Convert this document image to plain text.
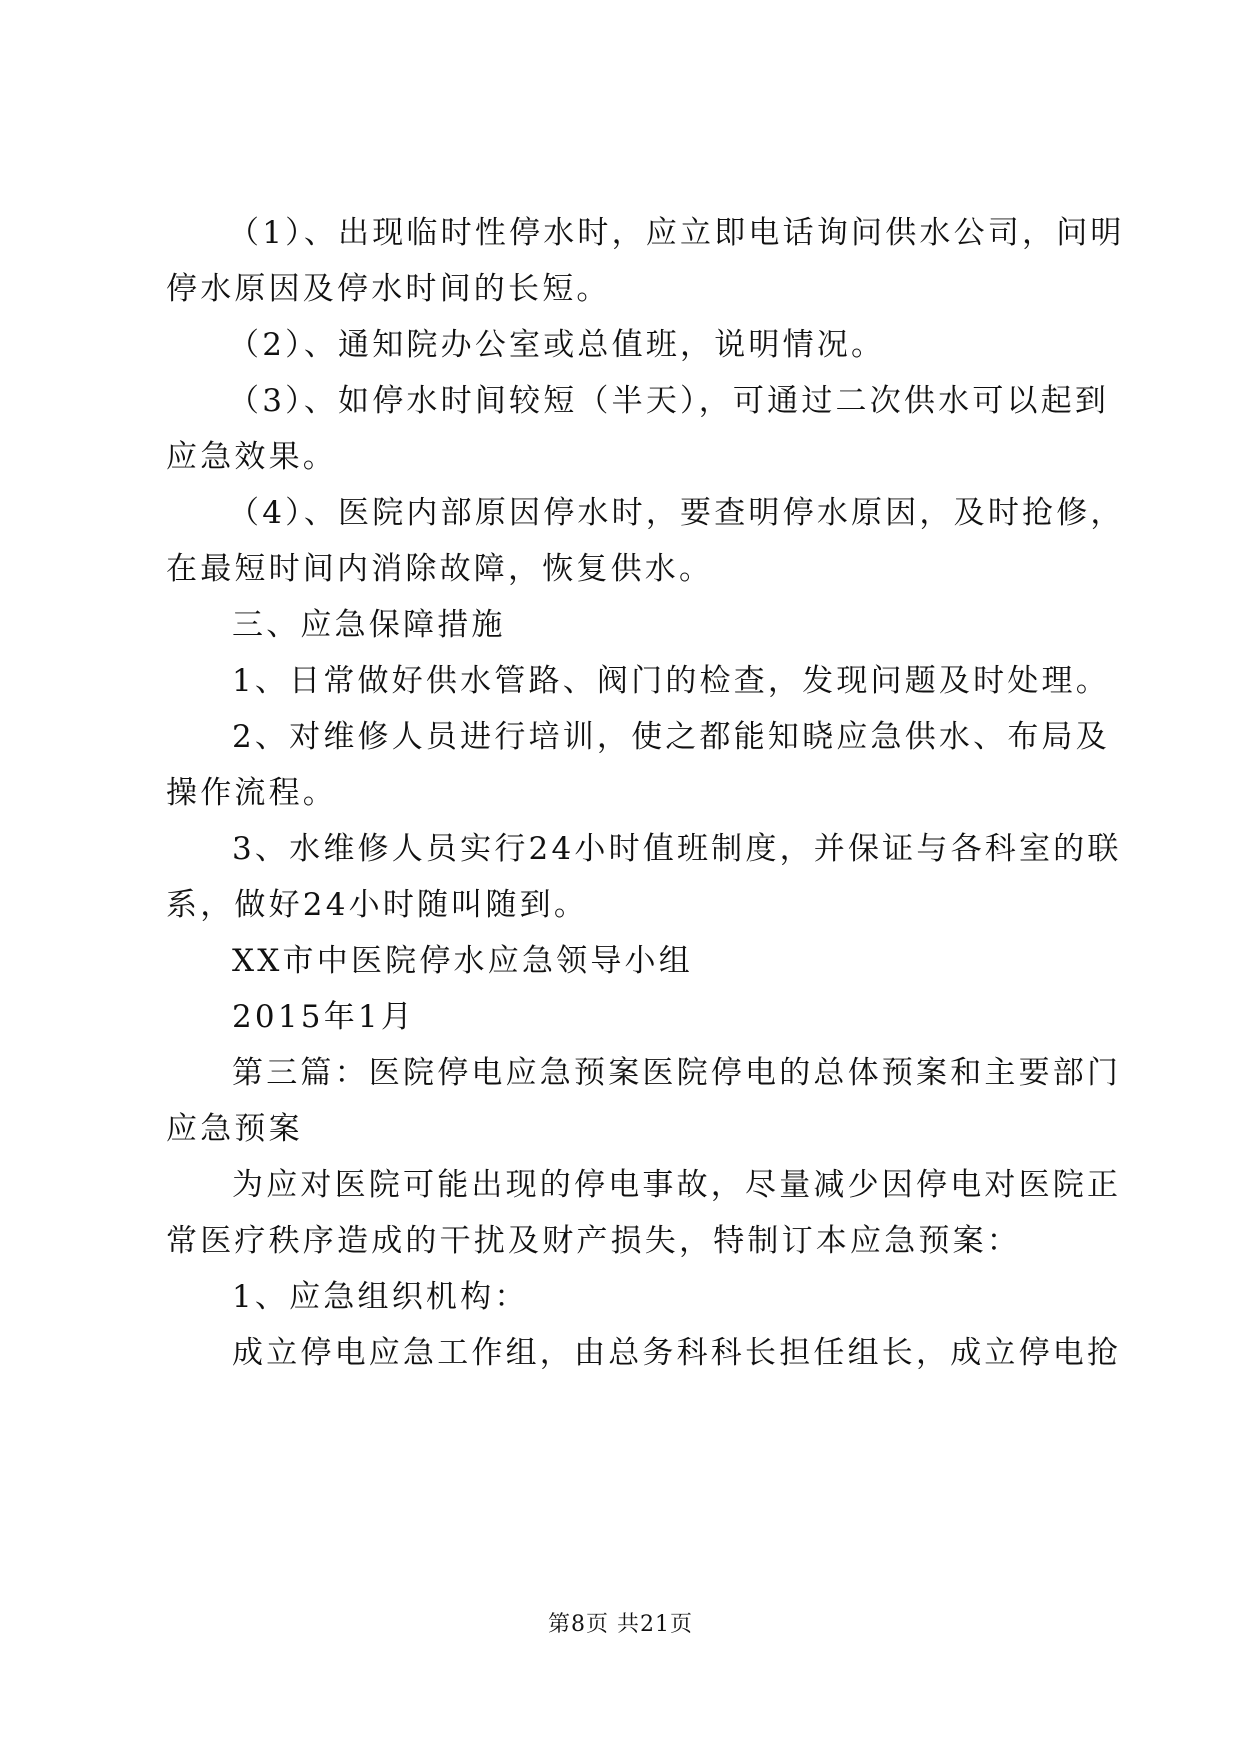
（1）、出现临时性停水时，应立即电话询问供水公司，问明
停水原因及停水时间的长短。
（2）、通知院办公室或总值班，说明情况。
（3）、如停水时间较短（半天），可通过二次供水可以起到
应急效果。
（4）、医院内部原因停水时，要查明停水原因，及时抢修，
在最短时间内消除故障，恢复供水。
三、应急保障措施
1、日常做好供水管路、阀门的检查，发现问题及时处理。
2、对维修人员进行培训，使之都能知晓应急供水、布局及
操作流程。
3、水维修人员实行24小时值班制度，并保证与各科室的联
系，做好24小时随叫随到。
XX市中医院停水应急领导小组
2015年1月
第三篇：医院停电应急预案医院停电的总体预案和主要部门
应急预案
为应对医院可能出现的停电事故，尽量减少因停电对医院正
常医疗秩序造成的干扰及财产损失，特制订本应急预案：
1、应急组织机构：
成立停电应急工作组，由总务科科长担任组长，成立停电抢
第8页 共21页
